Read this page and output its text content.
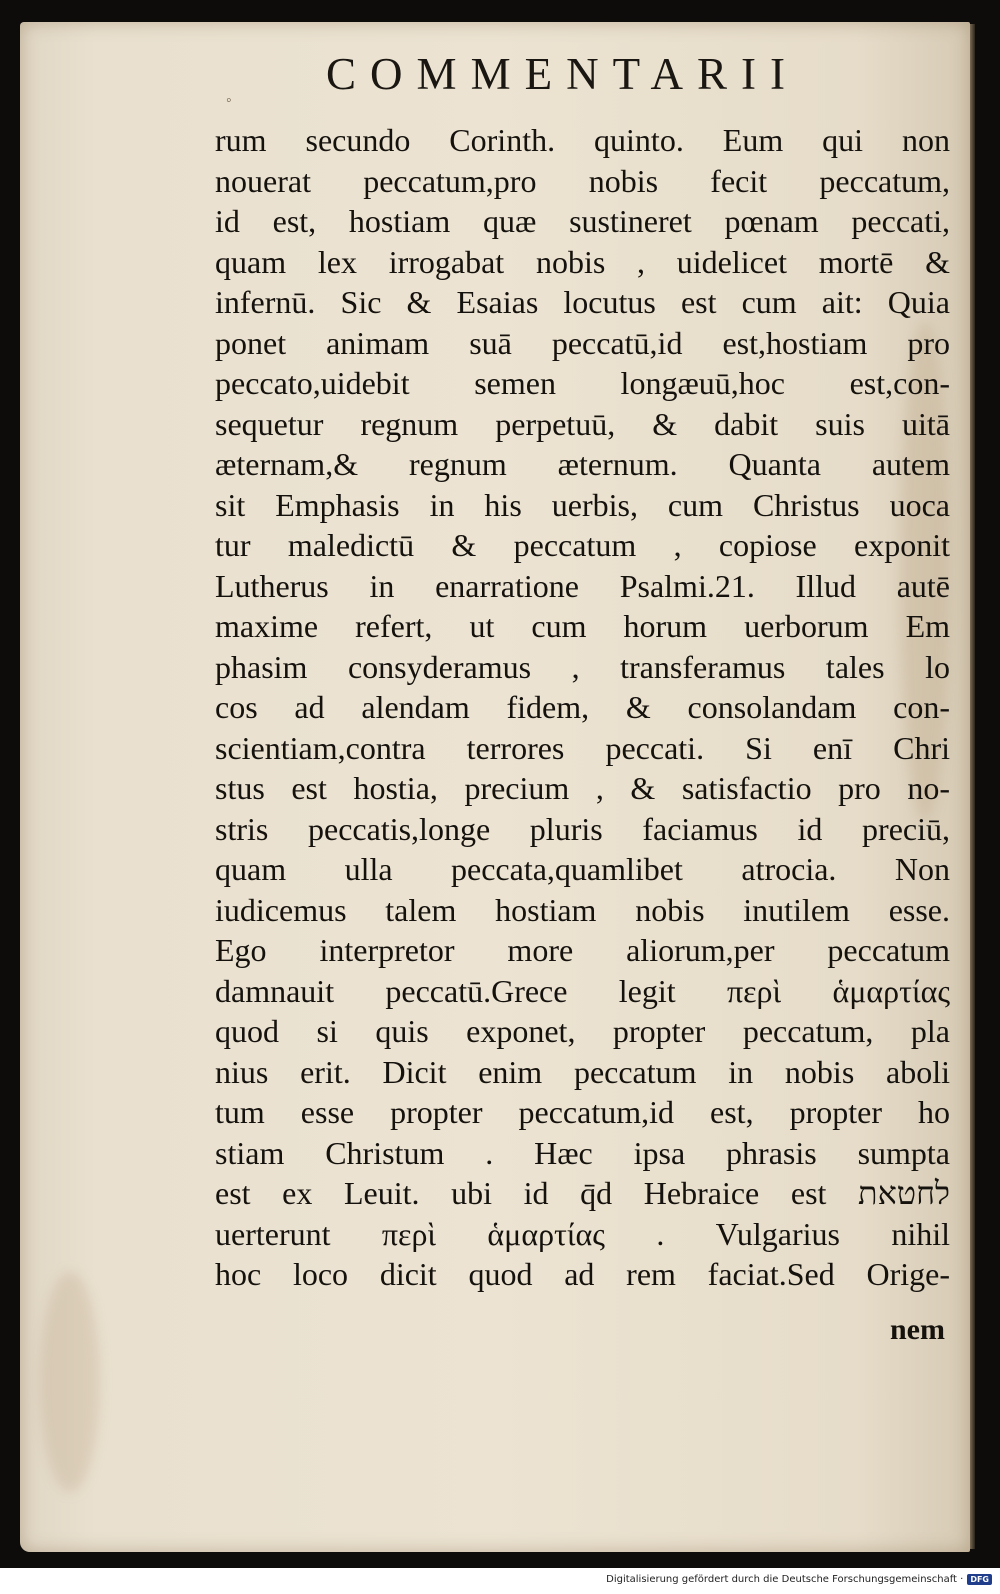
COMMENTARII
◦
rum secundo Corinth. quinto. Eum qui non
nouerat peccatum,pro nobis fecit peccatum,
id est, hostiam quæ sustineret pœnam peccati,
quam lex irrogabat nobis , uidelicet mortē &
infernū. Sic & Esaias locutus est cum ait: Quia
ponet animam suā peccatū,id est,hostiam pro
peccato,uidebit semen longæuū,hoc est,con-
sequetur regnum perpetuū, & dabit suis uitā
æternam,& regnum æternum. Quanta autem
sit Emphasis in his uerbis, cum Christus uoca
tur maledictū & peccatum , copiose exponit
Lutherus in enarratione Psalmi.21. Illud autē
maxime refert, ut cum horum uerborum Em
phasim consyderamus , transferamus tales lo
cos ad alendam fidem, & consolandam con-
scientiam,contra terrores peccati. Si enī Chri
stus est hostia, precium , & satisfactio pro no-
stris peccatis,longe pluris faciamus id preciū,
quam ulla peccata,quamlibet atrocia. Non
iudicemus talem hostiam nobis inutilem esse.
Ego interpretor more aliorum,per peccatum
damnauit peccatū.Grece legit περὶ ἁμαρτίας
quod si quis exponet, propter peccatum, pla
nius erit. Dicit enim peccatum in nobis aboli
tum esse propter peccatum,id est, propter ho
stiam Christum . Hæc ipsa phrasis sumpta
est ex Leuit. ubi id q̄d Hebraice est לחטאת
uerterunt περὶ ἁμαρτίας . Vulgarius nihil
hoc loco dicit quod ad rem faciat.Sed Orige-
nem
Digitalisierung gefördert durch die Deutsche Forschungsgemeinschaft · DFG
